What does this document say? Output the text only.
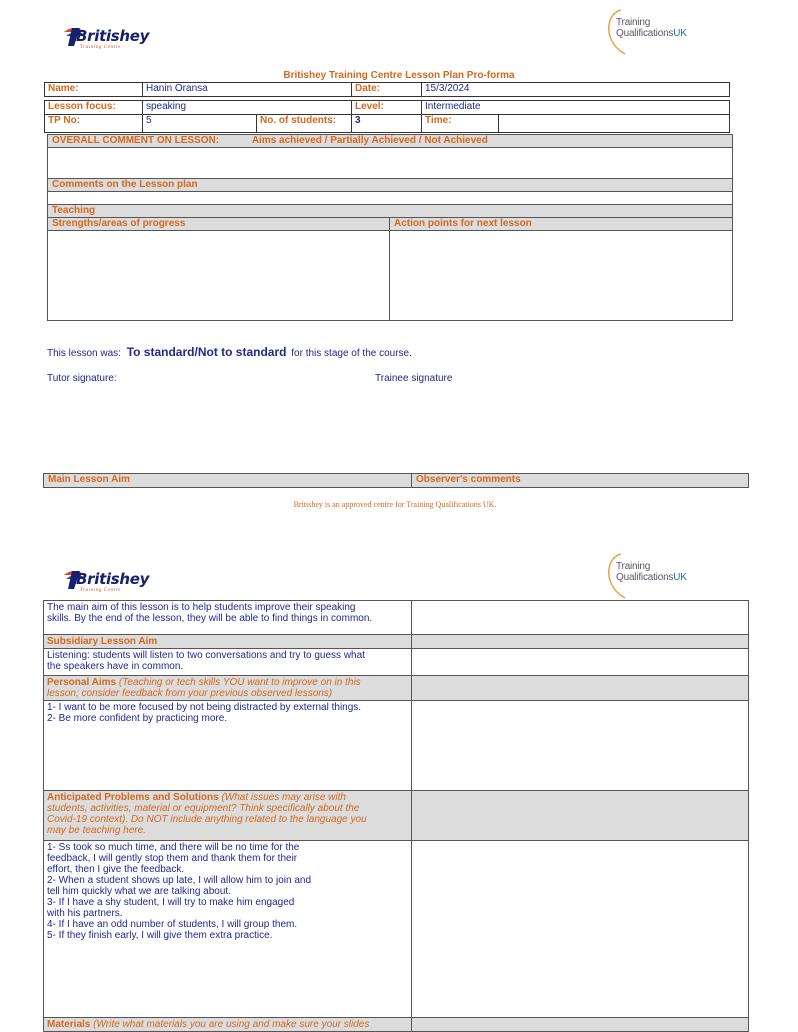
Britishey
Training Centre
Training
QualificationsUK
Britishey Training Centre Lesson Plan Pro-forma
Name:	Hanin Oransa	Date:	15/3/2024
Lesson focus:	speaking	Level:	Intermediate
TP No:	5	No. of students:	3	Time:
OVERALL COMMENT ON LESSON:	Aims achieved / Partially Achieved / Not Achieved
Comments on the Lesson plan
Teaching
Strengths/areas of progress	Action points for next lesson
This lesson was: To standard/Not to standard for this stage of the course.
Tutor signature:	Trainee signature
Main Lesson Aim	Observer's comments
Britishey is an approved centre for Training Qualifications UK.
Britishey
Training Centre
Training
QualificationsUK
The main aim of this lesson is to help students improve their speaking
skills. By the end of the lesson, they will be able to find things in common.
Subsidiary Lesson Aim
Listening: students will listen to two conversations and try to guess what
the speakers have in common.
Personal Aims (Teaching or tech skills YOU want to improve on in this
lesson; consider feedback from your previous observed lessons)
1- I want to be more focused by not being distracted by external things.
2- Be more confident by practicing more.
Anticipated Problems and Solutions (What issues may arise with
students, activities, material or equipment? Think specifically about the
Covid-19 context). Do NOT include anything related to the language you
may be teaching here.
1- Ss took so much time, and there will be no time for the
feedback, I will gently stop them and thank them for their
effort, then I give the feedback.
2- When a student shows up late, I will allow him to join and
tell him quickly what we are talking about.
3- If I have a shy student, I will try to make him engaged
with his partners.
4- If I have an odd number of students, I will group them.
5- If they finish early, I will give them extra practice.
Materials (Write what materials you are using and make sure your slides
